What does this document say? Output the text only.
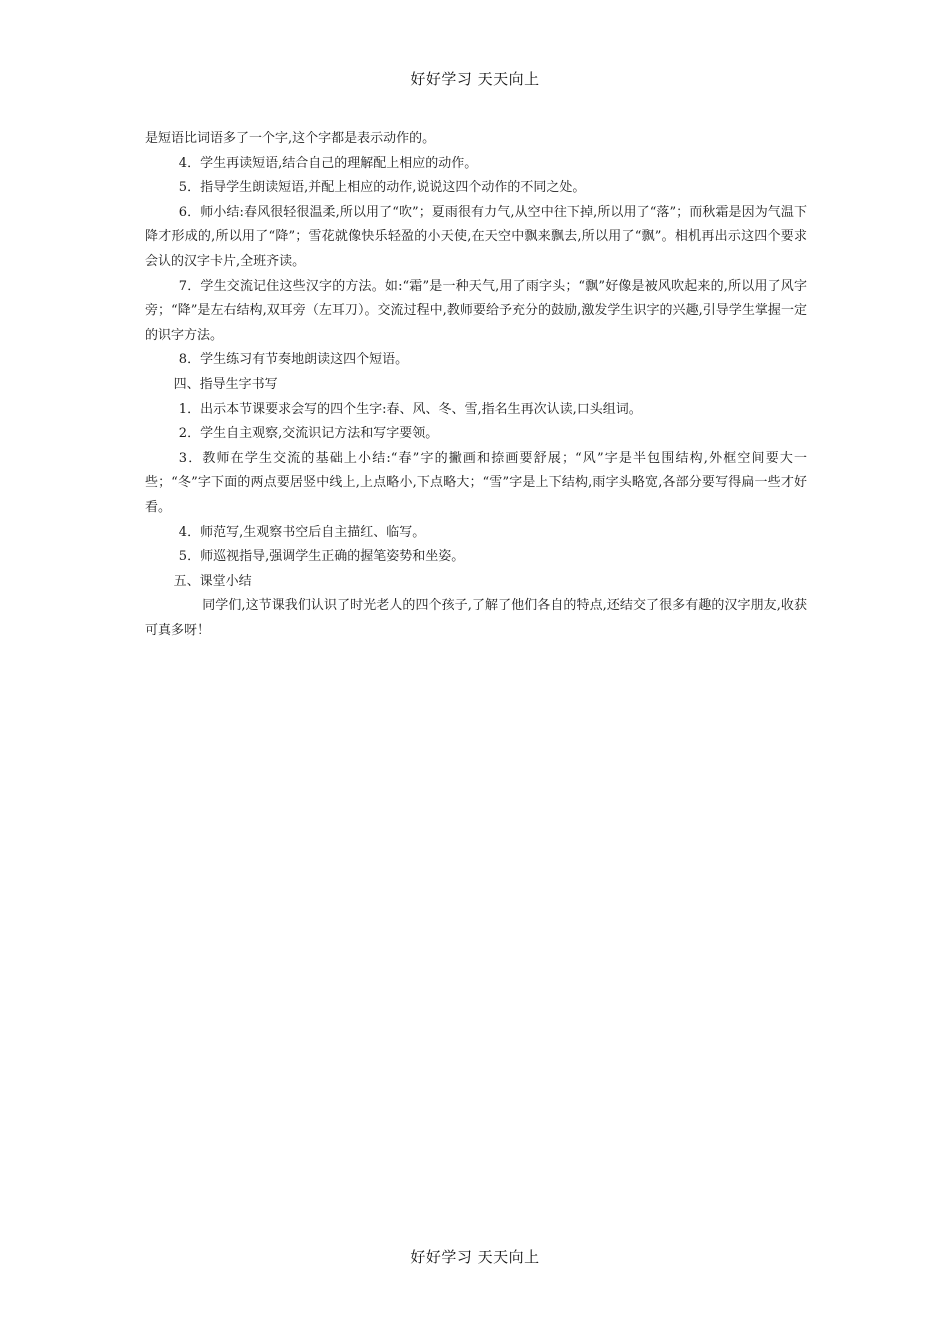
好好学习 天天向上

是短语比词语多了一个字,这个字都是表示动作的。

4．学生再读短语,结合自己的理解配上相应的动作。

5．指导学生朗读短语,并配上相应的动作,说说这四个动作的不同之处。

6．师小结:春风很轻很温柔,所以用了“吹”；夏雨很有力气,从空中往下掉,所以用了“落”；而秋霜是因为气温下降才形成的,所以用了“降”；雪花就像快乐轻盈的小天使,在天空中飘来飘去,所以用了“飘”。相机再出示这四个要求会认的汉字卡片,全班齐读。

7．学生交流记住这些汉字的方法。如:“霜”是一种天气,用了雨字头；“飘”好像是被风吹起来的,所以用了风字旁；“降”是左右结构,双耳旁（左耳刀）。交流过程中,教师要给予充分的鼓励,激发学生识字的兴趣,引导学生掌握一定的识字方法。

8．学生练习有节奏地朗读这四个短语。

四、指导生字书写

1．出示本节课要求会写的四个生字:春、风、冬、雪,指名生再次认读,口头组词。

2．学生自主观察,交流识记方法和写字要领。

3．教师在学生交流的基础上小结:“春”字的撇画和捺画要舒展；“风”字是半包围结构,外框空间要大一些；“冬”字下面的两点要居竖中线上,上点略小,下点略大；“雪”字是上下结构,雨字头略宽,各部分要写得扁一些才好看。

4．师范写,生观察书空后自主描红、临写。

5．师巡视指导,强调学生正确的握笔姿势和坐姿。

五、课堂小结

同学们,这节课我们认识了时光老人的四个孩子,了解了他们各自的特点,还结交了很多有趣的汉字朋友,收获可真多呀！

好好学习 天天向上
